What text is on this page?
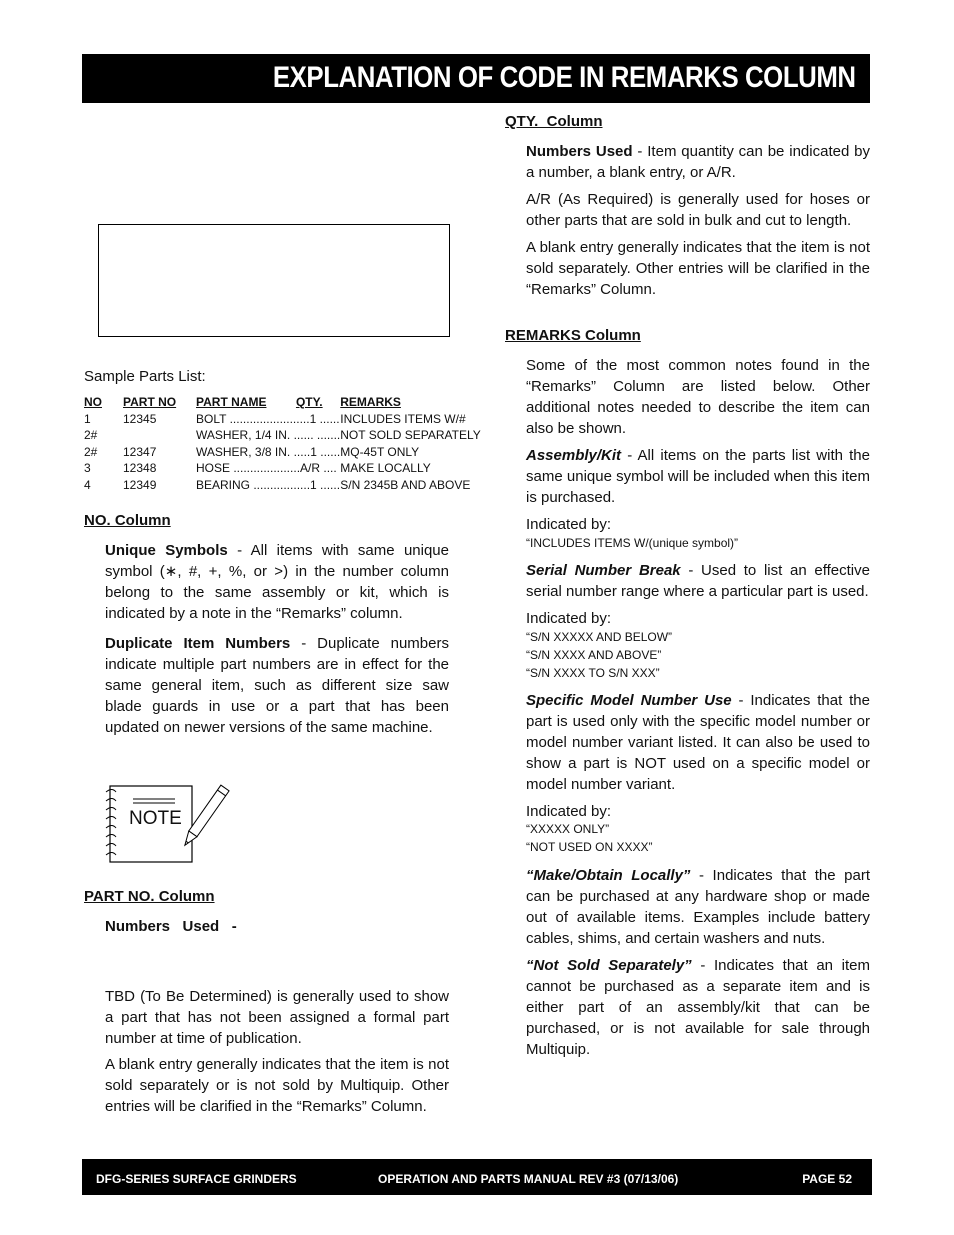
EXPLANATION OF CODE IN REMARKS COLUMN
Sample Parts List:
NO	PART NO	PART NAME	QTY.	REMARKS
1	12345	BOLT ........................1 ......		INCLUDES ITEMS W/#
2#		WASHER, 1/4 IN. ...... .......		NOT SOLD SEPARATELY
2#	12347	WASHER, 3/8 IN. .....1 ......		MQ-45T ONLY
3	12348	HOSE ....................A/R ....		MAKE LOCALLY
4	12349	BEARING .................1 ......		S/N 2345B AND ABOVE
NO. Column
Unique Symbols - All items with same unique symbol (∗, #, +, %, or >) in the number column belong to the same assembly or kit, which is indicated by a note in the “Remarks” column.
Duplicate Item Numbers - Duplicate numbers indicate multiple part numbers are in effect for the same general item, such as different size saw blade guards in use or a part that has been updated on newer versions of the same machine.
NOTE
PART NO. Column
Numbers   Used   -
TBD (To Be Determined) is generally used to show a part that has not been assigned a formal part number at time of publication.
A blank entry generally indicates that the item is not sold separately or is not sold by Multiquip. Other entries will be clarified in the “Remarks” Column.
QTY.  Column
Numbers Used - Item quantity can be indicated by a number, a blank entry, or A/R.
A/R (As Required) is generally used for hoses or other parts that are sold in bulk and cut to length.
A blank entry generally indicates that the item is not sold separately. Other entries will be clarified in the “Remarks” Column.
REMARKS Column
Some of the most common notes found in the “Remarks” Column are listed below. Other additional notes needed to describe the item can also be shown.
Assembly/Kit - All items on the parts list with the same unique symbol will be included when this item is purchased.
Indicated by:
“INCLUDES ITEMS W/(unique symbol)”
Serial Number Break - Used to list an effective serial number range where a particular part is used.
Indicated by:
“S/N XXXXX AND BELOW”
“S/N XXXX AND ABOVE”
“S/N XXXX TO S/N XXX”
Specific Model Number Use - Indicates that the part is used only with the specific model number or model number variant listed. It can also be used to show a part is NOT used on a specific model or model number variant.
Indicated by:
“XXXXX ONLY”
“NOT USED ON XXXX”
“Make/Obtain Locally” - Indicates that the part can be purchased at any hardware shop or made out of available items. Examples include battery cables, shims, and certain washers and nuts.
“Not Sold Separately” - Indicates that an item cannot be purchased as a separate item and is either part of an assembly/kit that can be purchased, or is not available for sale through Multiquip.
DFG-SERIES SURFACE GRINDERS	OPERATION AND PARTS MANUAL REV #3 (07/13/06)	PAGE 52
